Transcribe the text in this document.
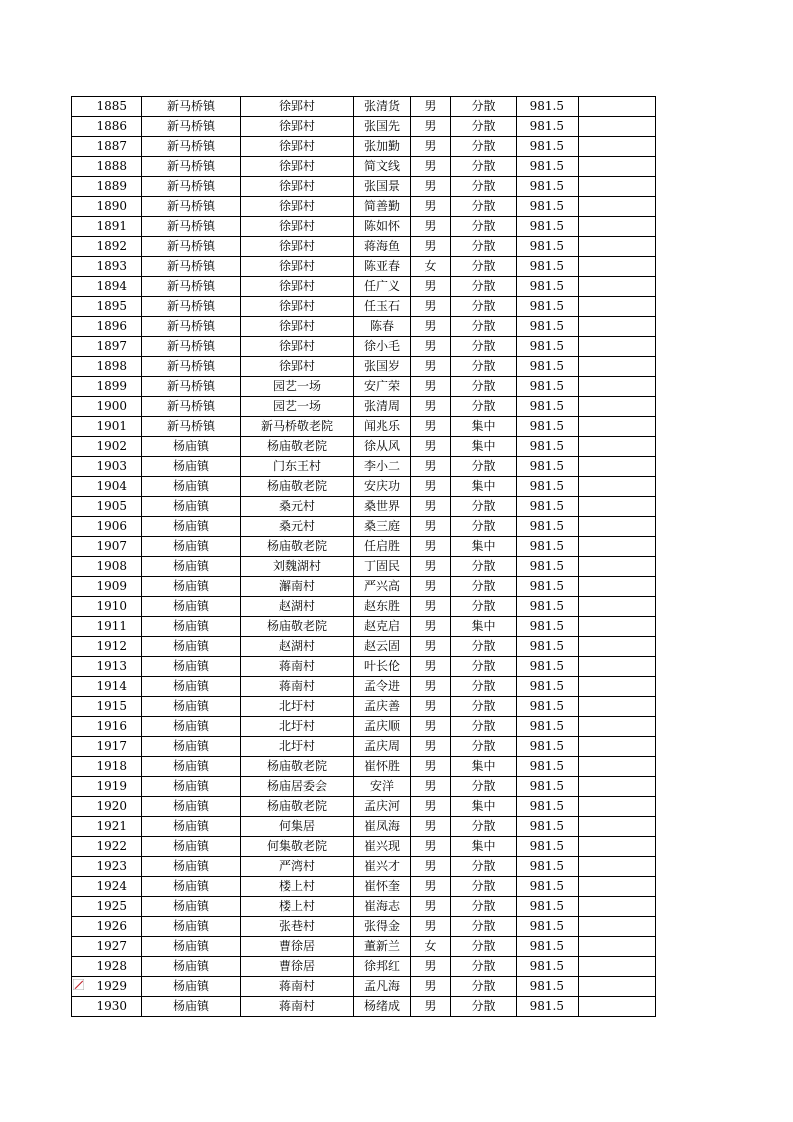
1885	新马桥镇	徐郢村	张清货	男	分散	981.5	
1886	新马桥镇	徐郢村	张国先	男	分散	981.5	
1887	新马桥镇	徐郢村	张加勤	男	分散	981.5	
1888	新马桥镇	徐郢村	简文线	男	分散	981.5	
1889	新马桥镇	徐郢村	张国景	男	分散	981.5	
1890	新马桥镇	徐郢村	简善勤	男	分散	981.5	
1891	新马桥镇	徐郢村	陈如怀	男	分散	981.5	
1892	新马桥镇	徐郢村	蒋海鱼	男	分散	981.5	
1893	新马桥镇	徐郢村	陈亚春	女	分散	981.5	
1894	新马桥镇	徐郢村	任广义	男	分散	981.5	
1895	新马桥镇	徐郢村	任玉石	男	分散	981.5	
1896	新马桥镇	徐郢村	陈春	男	分散	981.5	
1897	新马桥镇	徐郢村	徐小毛	男	分散	981.5	
1898	新马桥镇	徐郢村	张国岁	男	分散	981.5	
1899	新马桥镇	园艺一场	安广荣	男	分散	981.5	
1900	新马桥镇	园艺一场	张清周	男	分散	981.5	
1901	新马桥镇	新马桥敬老院	闻兆乐	男	集中	981.5	
1902	杨庙镇	杨庙敬老院	徐从风	男	集中	981.5	
1903	杨庙镇	门东王村	李小二	男	分散	981.5	
1904	杨庙镇	杨庙敬老院	安庆功	男	集中	981.5	
1905	杨庙镇	桑元村	桑世界	男	分散	981.5	
1906	杨庙镇	桑元村	桑三庭	男	分散	981.5	
1907	杨庙镇	杨庙敬老院	任启胜	男	集中	981.5	
1908	杨庙镇	刘魏湖村	丁固民	男	分散	981.5	
1909	杨庙镇	澥南村	严兴高	男	分散	981.5	
1910	杨庙镇	赵湖村	赵东胜	男	分散	981.5	
1911	杨庙镇	杨庙敬老院	赵克启	男	集中	981.5	
1912	杨庙镇	赵湖村	赵云固	男	分散	981.5	
1913	杨庙镇	蒋南村	叶长伦	男	分散	981.5	
1914	杨庙镇	蒋南村	孟令进	男	分散	981.5	
1915	杨庙镇	北圩村	孟庆善	男	分散	981.5	
1916	杨庙镇	北圩村	孟庆顺	男	分散	981.5	
1917	杨庙镇	北圩村	孟庆周	男	分散	981.5	
1918	杨庙镇	杨庙敬老院	崔怀胜	男	集中	981.5	
1919	杨庙镇	杨庙居委会	安洋	男	分散	981.5	
1920	杨庙镇	杨庙敬老院	孟庆河	男	集中	981.5	
1921	杨庙镇	何集居	崔凤海	男	分散	981.5	
1922	杨庙镇	何集敬老院	崔兴现	男	集中	981.5	
1923	杨庙镇	严湾村	崔兴才	男	分散	981.5	
1924	杨庙镇	楼上村	崔怀奎	男	分散	981.5	
1925	杨庙镇	楼上村	崔海志	男	分散	981.5	
1926	杨庙镇	张巷村	张得金	男	分散	981.5	
1927	杨庙镇	曹徐居	董新兰	女	分散	981.5	
1928	杨庙镇	曹徐居	徐邦红	男	分散	981.5	

1929	杨庙镇	蒋南村	孟凡海	男	分散	981.5	
1930	杨庙镇	蒋南村	杨绪成	男	分散	981.5	
